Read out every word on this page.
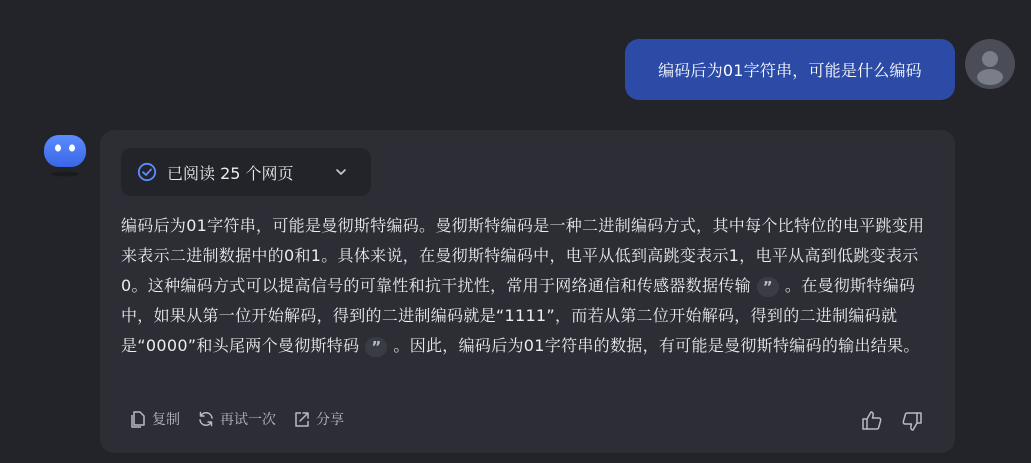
编码后为01字符串，可能是什么编码
已阅读 25 个网页

编码后为01字符串，可能是曼彻斯特编码。曼彻斯特编码是一种二进制编码方式，其中每个比特位的电平跳变用来表示二进制数据中的0和1。具体来说，在曼彻斯特编码中，电平从低到高跳变表示1，电平从高到低跳变表示0。这种编码方式可以提高信号的可靠性和抗干扰性，常用于网络通信和传感器数据传输 ” 。在曼彻斯特编码中，如果从第一位开始解码，得到的二进制编码就是“1111”，而若从第二位开始解码，得到的二进制编码就是“0000”和头尾两个曼彻斯特码 ” 。因此，编码后为01字符串的数据，有可能是曼彻斯特编码的输出结果。

复制	再试一次	分享
